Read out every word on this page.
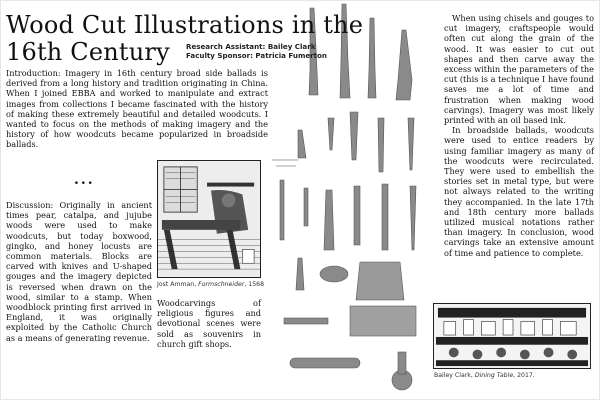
Wood Cut Illustrations in the
16th Century	Research Assistant: Bailey Clark
Faculty Sponsor: Patricia Fumerton
Introduction: Imagery in 16th century broad side ballads is derived from a long history and tradition originating in China. When I joined EBBA and worked to manipulate and extract images from collections I became fascinated with the history of making these extremely beautiful and detailed woodcuts. I wanted to focus on the methods of making imagery and the history of how woodcuts became popularized in broadside ballads.
...
Discussion: Originally in ancient times pear, catalpa, and jujube woods were used to make woodcuts, but today boxwood, gingko, and honey locusts are common materials. Blocks are carved with knives and U-shaped gouges and the imagery depicted is reversed when drawn on the wood, similar to a stamp. When woodblock printing first arrived in England, it was originally exploited by the Catholic Church as a means of generating revenue.
Jost Amman, Formschneider, 1568
Woodcarvings of religious figures and devotional scenes were sold as souvenirs in church gift shops.

When using chisels and gouges to cut imagery, craftspeople would often cut along the grain of the wood. It was easier to cut out shapes and then carve away the excess within the parameters of the cut (this is a technique I have found saves me a lot of time and frustration when making wood carvings). Imagery was most likely printed with an oil based ink.

In broadside ballads, woodcuts were used to entice readers by using familiar imagery as many of the woodcuts were recirculated. They were used to embellish the stories set in metal type, but were not always related to the writing they accompanied. In the late 17th and 18th century more ballads utilized musical notations rather than imagery. In conclusion, wood carvings take an extensive amount of time and patience to complete.

Bailey Clark, Dining Table, 2017.
